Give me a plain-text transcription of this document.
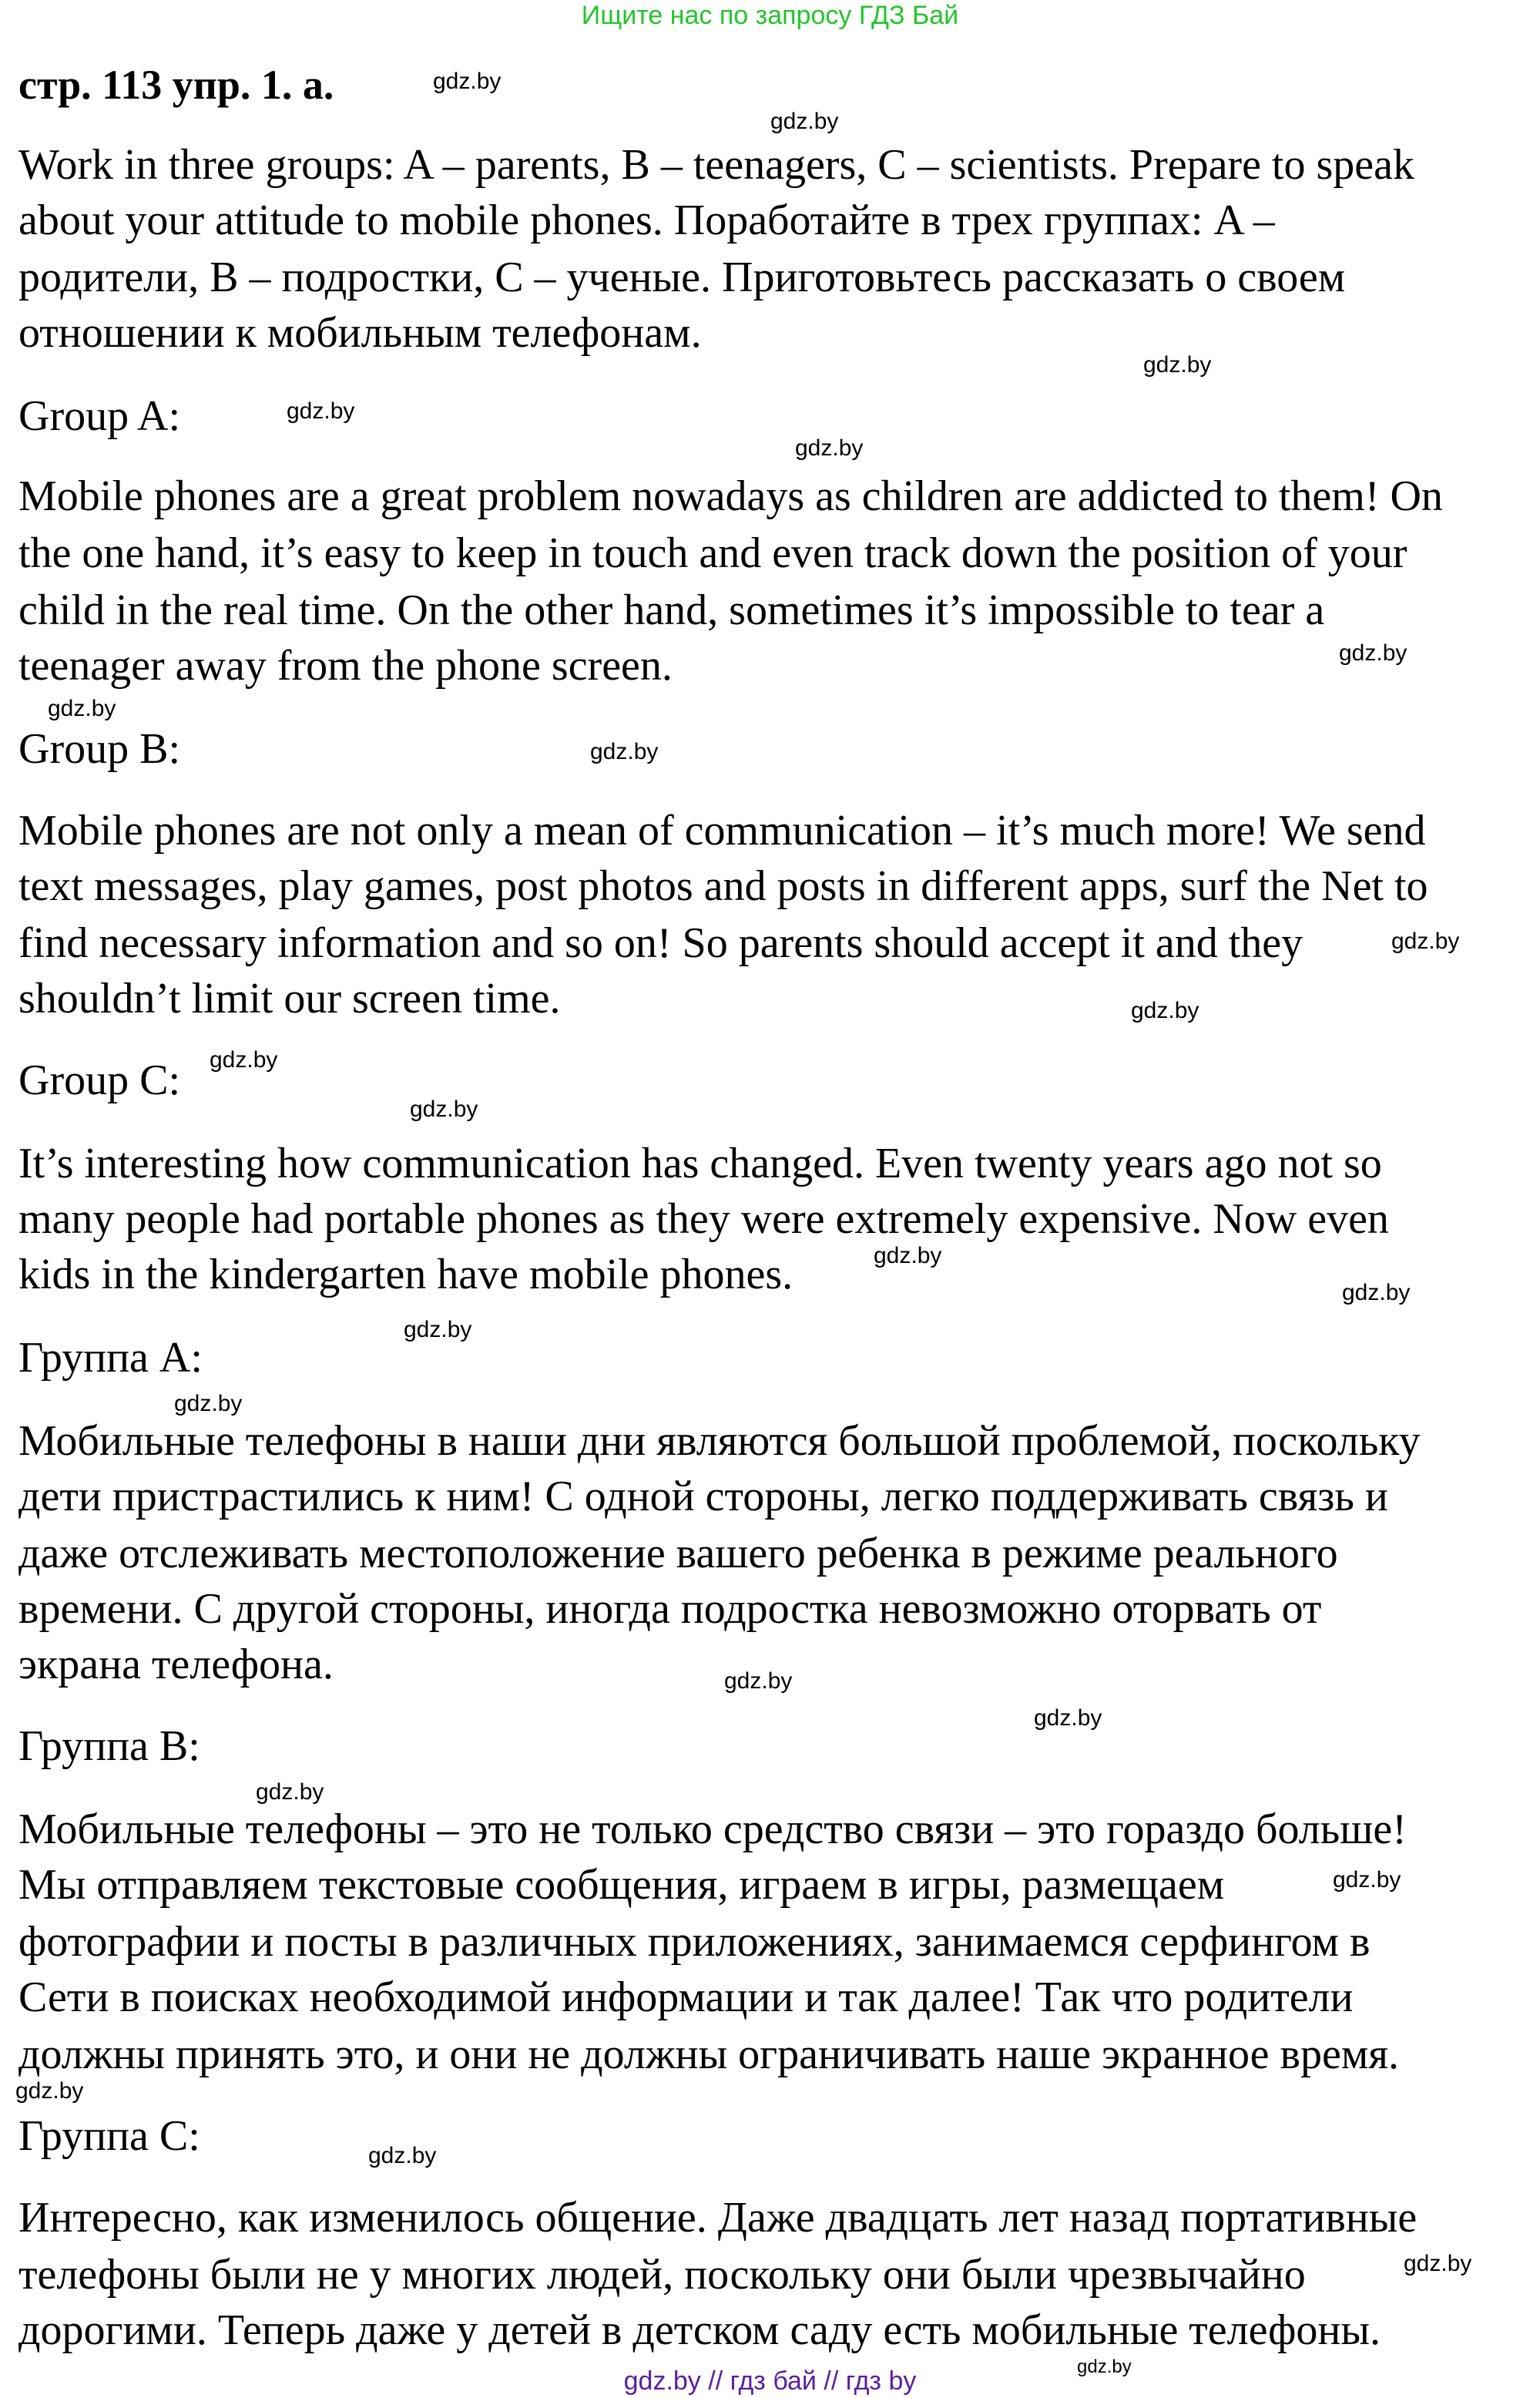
Ищите нас по запросу ГДЗ Бай
стр. 113 упр. 1. а.
Work in three groups: A – parents, B – teenagers, C – scientists. Prepare to speak
about your attitude to mobile phones. Поработайте в трех группах: A –
родители, B – подростки, C – ученые. Приготовьтесь рассказать о своем
отношении к мобильным телефонам.
Group A:
Mobile phones are a great problem nowadays as children are addicted to them! On
the one hand, it’s easy to keep in touch and even track down the position of your
child in the real time. On the other hand, sometimes it’s impossible to tear a
teenager away from the phone screen.
Group B:
Mobile phones are not only a mean of communication – it’s much more! We send
text messages, play games, post photos and posts in different apps, surf the Net to
find necessary information and so on! So parents should accept it and they
shouldn’t limit our screen time.
Group C:
It’s interesting how communication has changed. Even twenty years ago not so
many people had portable phones as they were extremely expensive. Now even
kids in the kindergarten have mobile phones.
Группа А:
Мобильные телефоны в наши дни являются большой проблемой, поскольку
дети пристрастились к ним! С одной стороны, легко поддерживать связь и
даже отслеживать местоположение вашего ребенка в режиме реального
времени. С другой стороны, иногда подростка невозможно оторвать от
экрана телефона.
Группа В:
Мобильные телефоны – это не только средство связи – это гораздо больше!
Мы отправляем текстовые сообщения, играем в игры, размещаем
фотографии и посты в различных приложениях, занимаемся серфингом в
Сети в поисках необходимой информации и так далее! Так что родители
должны принять это, и они не должны ограничивать наше экранное время.
Группа С:
Интересно, как изменилось общение. Даже двадцать лет назад портативные
телефоны были не у многих людей, поскольку они были чрезвычайно
дорогими. Теперь даже у детей в детском саду есть мобильные телефоны.
gdz.by
gdz.by
gdz.by
gdz.by
gdz.by
gdz.by
gdz.by
gdz.by
gdz.by
gdz.by
gdz.by
gdz.by
gdz.by
gdz.by
gdz.by
gdz.by
gdz.by
gdz.by
gdz.by
gdz.by
gdz.by
gdz.by
gdz.by
gdz.by
gdz.by // гдз бай // гдз by
